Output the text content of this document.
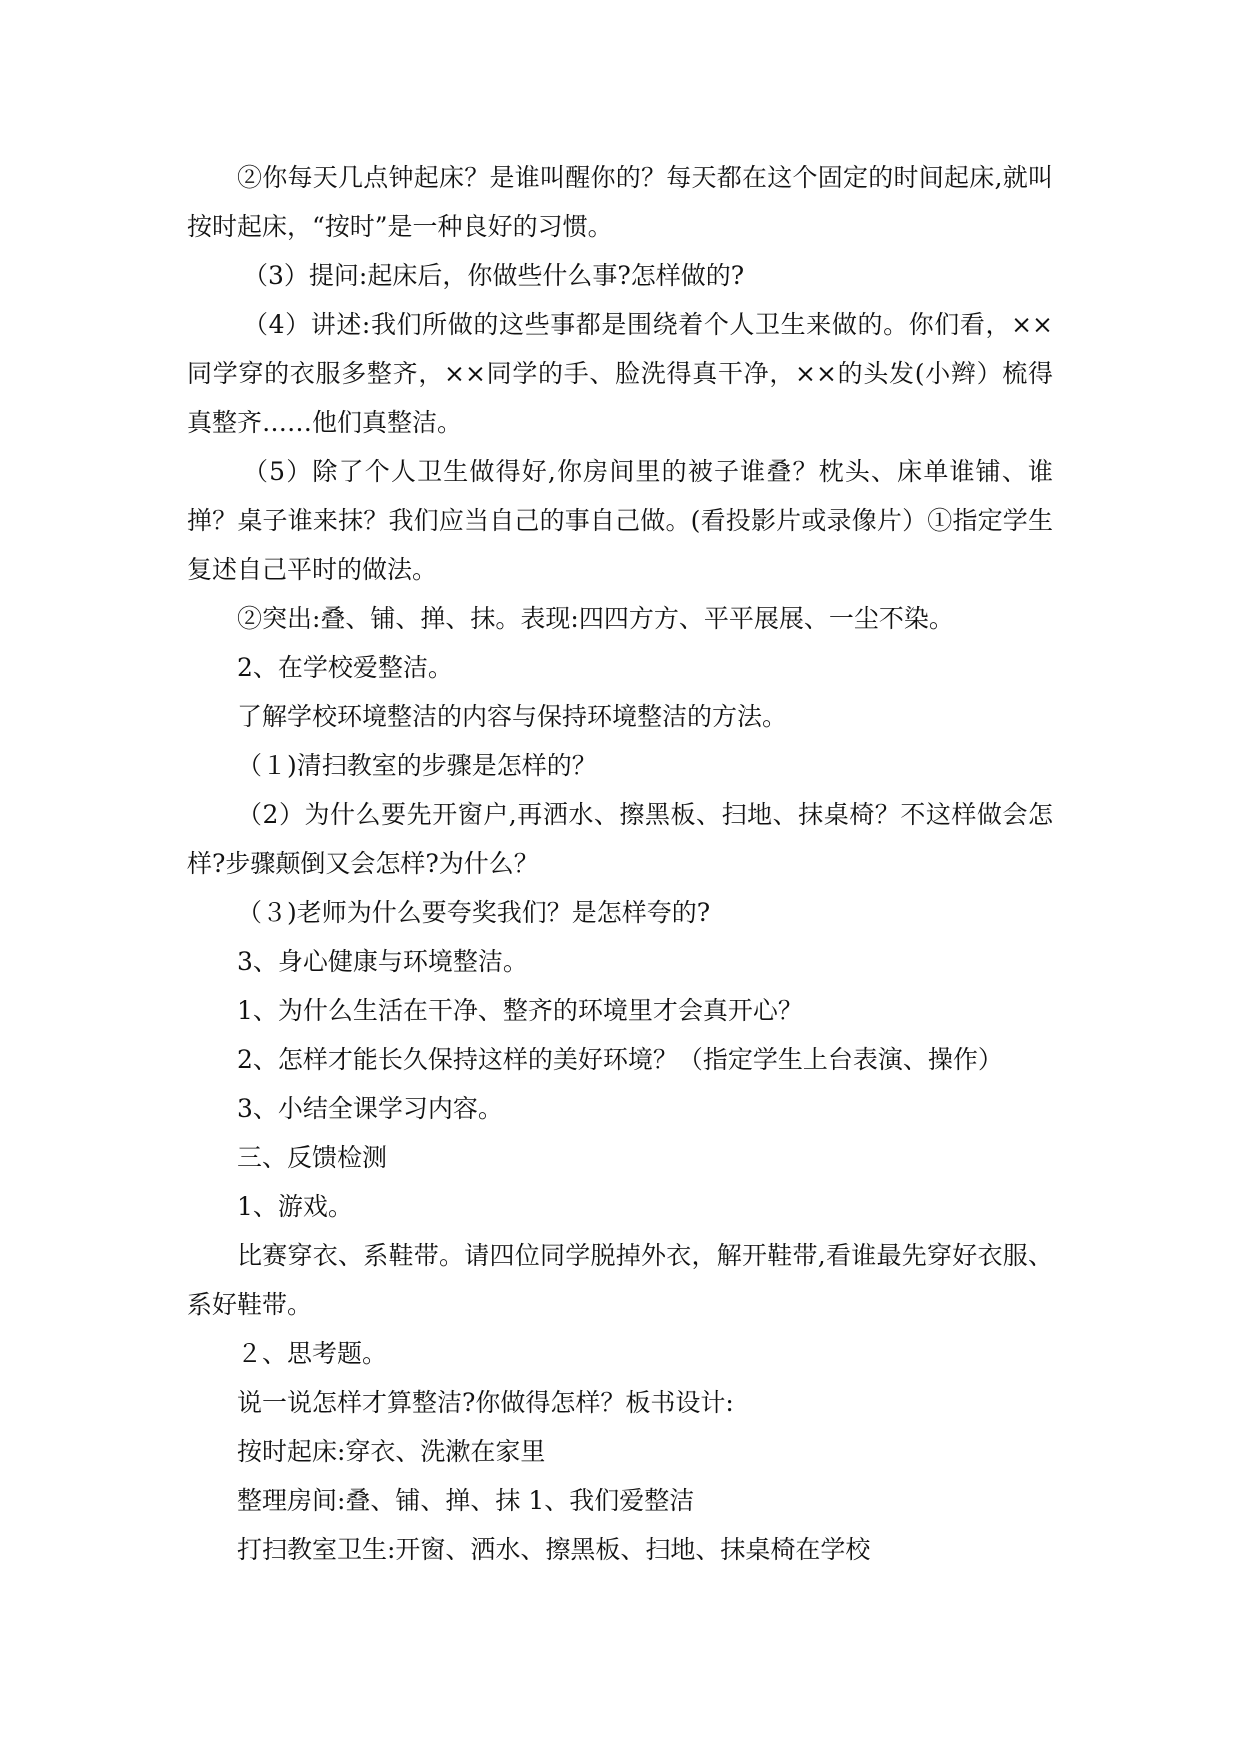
②你每天几点钟起床？是谁叫醒你的？每天都在这个固定的时间起床,就叫按时起床，“按时”是一种良好的习惯。

（3）提问:起床后，你做些什么事?怎样做的?

（4）讲述:我们所做的这些事都是围绕着个人卫生来做的。你们看，××同学穿的衣服多整齐，××同学的手、脸洗得真干净，××的头发(小辫）梳得真整齐……他们真整洁。

（5）除了个人卫生做得好,你房间里的被子谁叠？枕头、床单谁铺、谁掸？桌子谁来抹？我们应当自己的事自己做。(看投影片或录像片）①指定学生复述自己平时的做法。

②突出:叠、铺、掸、抹。表现:四四方方、平平展展、一尘不染。

2、在学校爱整洁。

了解学校环境整洁的内容与保持环境整洁的方法。

（１)清扫教室的步骤是怎样的？

（2）为什么要先开窗户,再洒水、擦黑板、扫地、抹桌椅？不这样做会怎样?步骤颠倒又会怎样?为什么？

（３)老师为什么要夸奖我们？是怎样夸的?

3、身心健康与环境整洁。

1、为什么生活在干净、整齐的环境里才会真开心？

2、怎样才能长久保持这样的美好环境？（指定学生上台表演、操作）

3、小结全课学习内容。

三、反馈检测

1、游戏。

比赛穿衣、系鞋带。请四位同学脱掉外衣，解开鞋带,看谁最先穿好衣服、系好鞋带。

２、思考题。

说一说怎样才算整洁?你做得怎样？板书设计:

按时起床:穿衣、洗漱在家里

整理房间:叠、铺、掸、抹 1、我们爱整洁

打扫教室卫生:开窗、洒水、擦黑板、扫地、抹桌椅在学校
